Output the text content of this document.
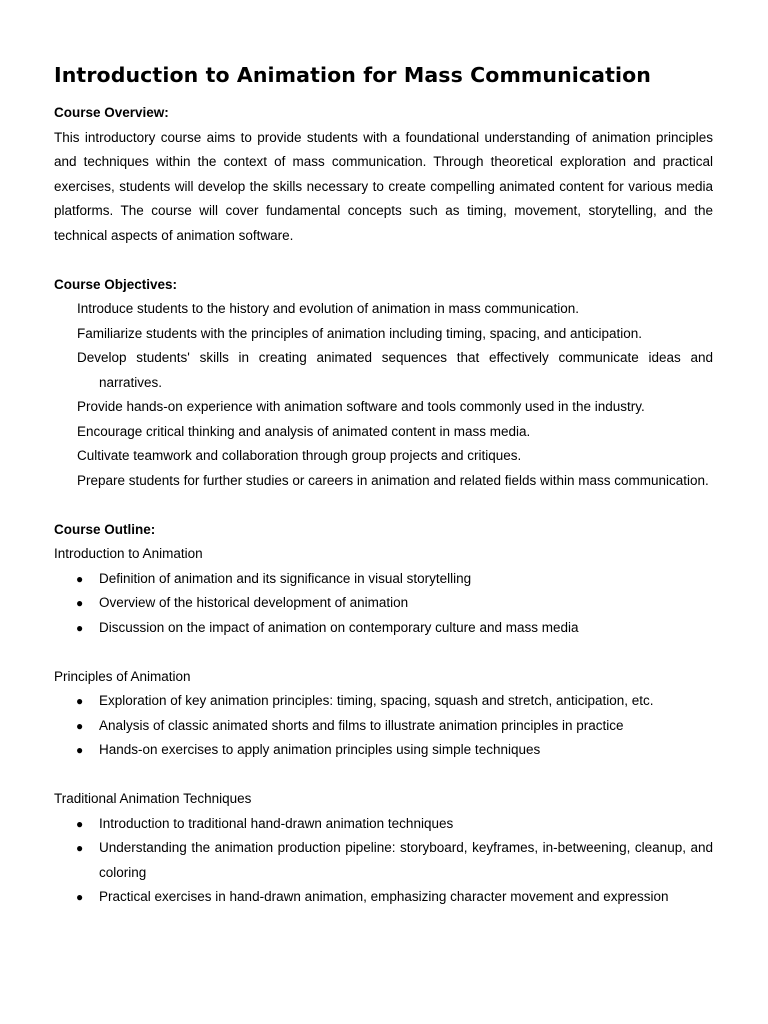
Introduction to Animation for Mass Communication

Course Overview:

This introductory course aims to provide students with a foundational understanding of animation principles and techniques within the context of mass communication. Through theoretical exploration and practical exercises, students will develop the skills necessary to create compelling animated content for various media platforms. The course will cover fundamental concepts such as timing, movement, storytelling, and the technical aspects of animation software.

Course Objectives:

Introduce students to the history and evolution of animation in mass communication.
Familiarize students with the principles of animation including timing, spacing, and anticipation.
Develop students' skills in creating animated sequences that effectively communicate ideas and narratives.
Provide hands-on experience with animation software and tools commonly used in the industry.
Encourage critical thinking and analysis of animated content in mass media.
Cultivate teamwork and collaboration through group projects and critiques.
Prepare students for further studies or careers in animation and related fields within mass communication.

Course Outline:

Introduction to Animation

● Definition of animation and its significance in visual storytelling
● Overview of the historical development of animation
● Discussion on the impact of animation on contemporary culture and mass media

Principles of Animation

● Exploration of key animation principles: timing, spacing, squash and stretch, anticipation, etc.
● Analysis of classic animated shorts and films to illustrate animation principles in practice
● Hands-on exercises to apply animation principles using simple techniques

Traditional Animation Techniques

● Introduction to traditional hand-drawn animation techniques
● Understanding the animation production pipeline: storyboard, keyframes, in-betweening, cleanup, and coloring
● Practical exercises in hand-drawn animation, emphasizing character movement and expression
